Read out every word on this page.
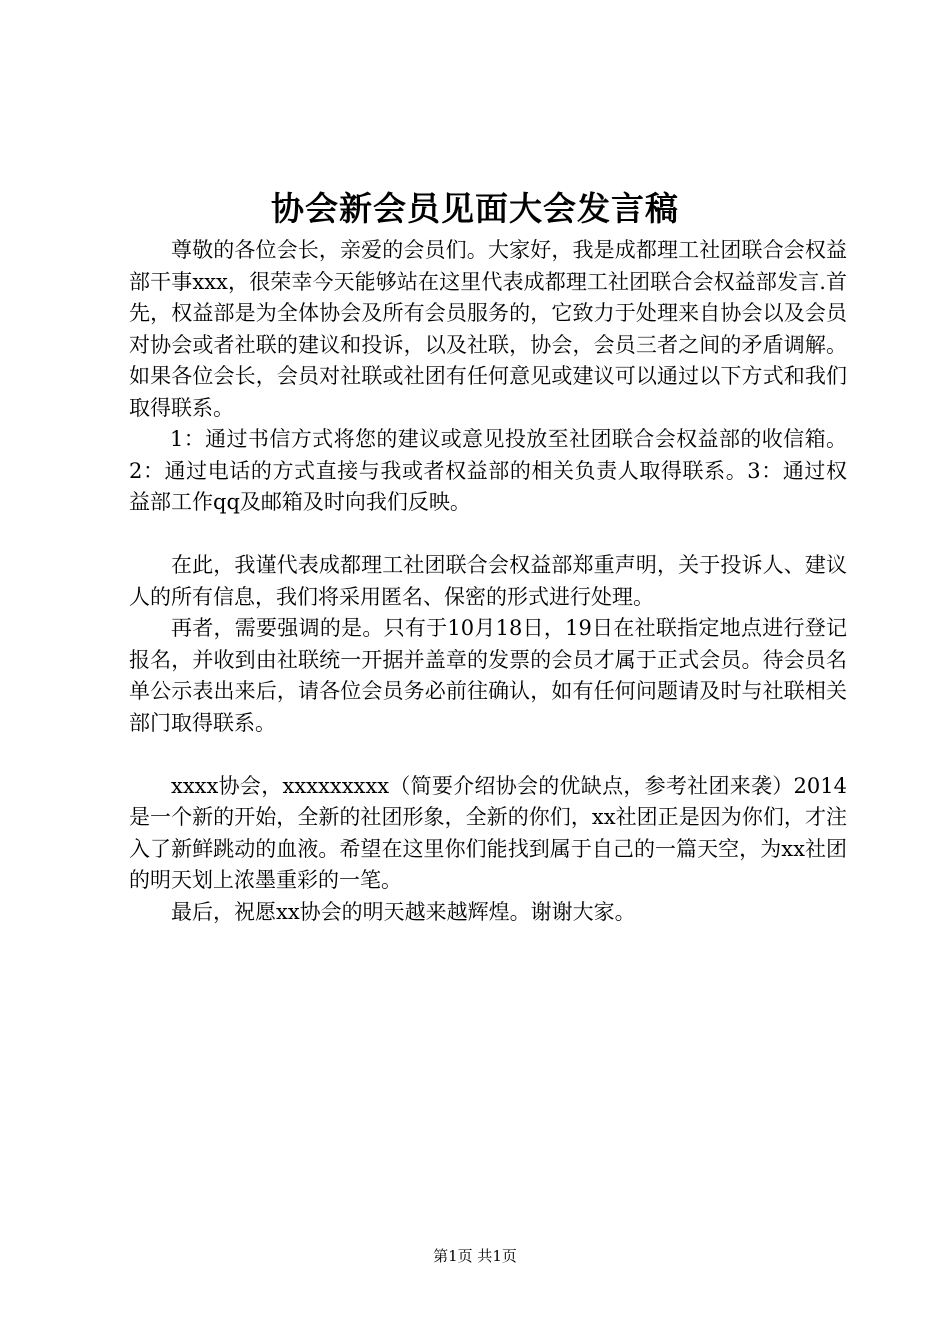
协会新会员见面大会发言稿

尊敬的各位会长，亲爱的会员们。大家好，我是成都理工社团联合会权益部干事xxx，很荣幸今天能够站在这里代表成都理工社团联合会权益部发言.首先，权益部是为全体协会及所有会员服务的，它致力于处理来自协会以及会员对协会或者社联的建议和投诉，以及社联，协会，会员三者之间的矛盾调解。如果各位会长，会员对社联或社团有任何意见或建议可以通过以下方式和我们取得联系。

1：通过书信方式将您的建议或意见投放至社团联合会权益部的收信箱。2：通过电话的方式直接与我或者权益部的相关负责人取得联系。3：通过权益部工作qq及邮箱及时向我们反映。

在此，我谨代表成都理工社团联合会权益部郑重声明，关于投诉人、建议人的所有信息，我们将采用匿名、保密的形式进行处理。

再者，需要强调的是。只有于10月18日，19日在社联指定地点进行登记报名，并收到由社联统一开据并盖章的发票的会员才属于正式会员。待会员名单公示表出来后，请各位会员务必前往确认，如有任何问题请及时与社联相关部门取得联系。

xxxx协会，xxxxxxxxx（简要介绍协会的优缺点，参考社团来袭）2014是一个新的开始，全新的社团形象，全新的你们，xx社团正是因为你们，才注入了新鲜跳动的血液。希望在这里你们能找到属于自己的一篇天空，为xx社团的明天划上浓墨重彩的一笔。

最后，祝愿xx协会的明天越来越辉煌。谢谢大家。

第1页 共1页
